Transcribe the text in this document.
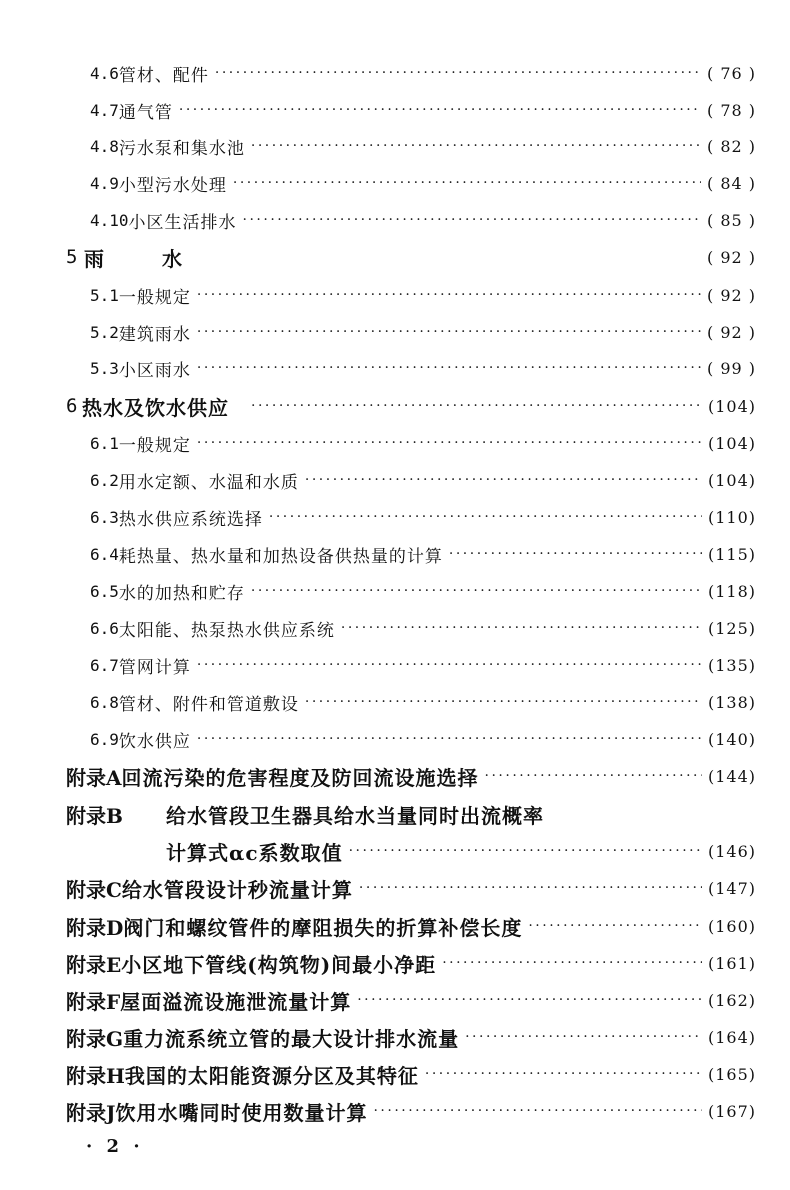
4.6 管材、配件 ·····	( 76 )
4.7 通气管 ·····	( 78 )
4.8 污水泵和集水池 ·····	( 82 )
4.9 小型污水处理 ·····	( 84 )
4.10 小区生活排水 ·····	( 85 )
5 雨　　水	( 92 )
5.1 一般规定 ·····	( 92 )
5.2 建筑雨水 ·····	( 92 )
5.3 小区雨水 ·····	( 99 )
6 热水及饮水供应 ·····	(104)
6.1 一般规定 ·····	(104)
6.2 用水定额、水温和水质 ·····	(104)
6.3 热水供应系统选择 ·····	(110)
6.4 耗热量、热水量和加热设备供热量的计算 ·····	(115)
6.5 水的加热和贮存 ·····	(118)
6.6 太阳能、热泵热水供应系统 ·····	(125)
6.7 管网计算 ·····	(135)
6.8 管材、附件和管道敷设 ·····	(138)
6.9 饮水供应 ·····	(140)
附录A 回流污染的危害程度及防回流设施选择 ·····	(144)
附录B	给水管段卫生器具给水当量同时出流概率
计算式αc系数取值 ·····	(146)
附录C 给水管段设计秒流量计算 ·····	(147)
附录D 阀门和螺纹管件的摩阻损失的折算补偿长度 ·····	(160)
附录E 小区地下管线(构筑物)间最小净距 ·····	(161)
附录F 屋面溢流设施泄流量计算 ·····	(162)
附录G 重力流系统立管的最大设计排水流量 ·····	(164)
附录H 我国的太阳能资源分区及其特征 ·····	(165)
附录J 饮用水嘴同时使用数量计算 ·····	(167)
· 2 ·
